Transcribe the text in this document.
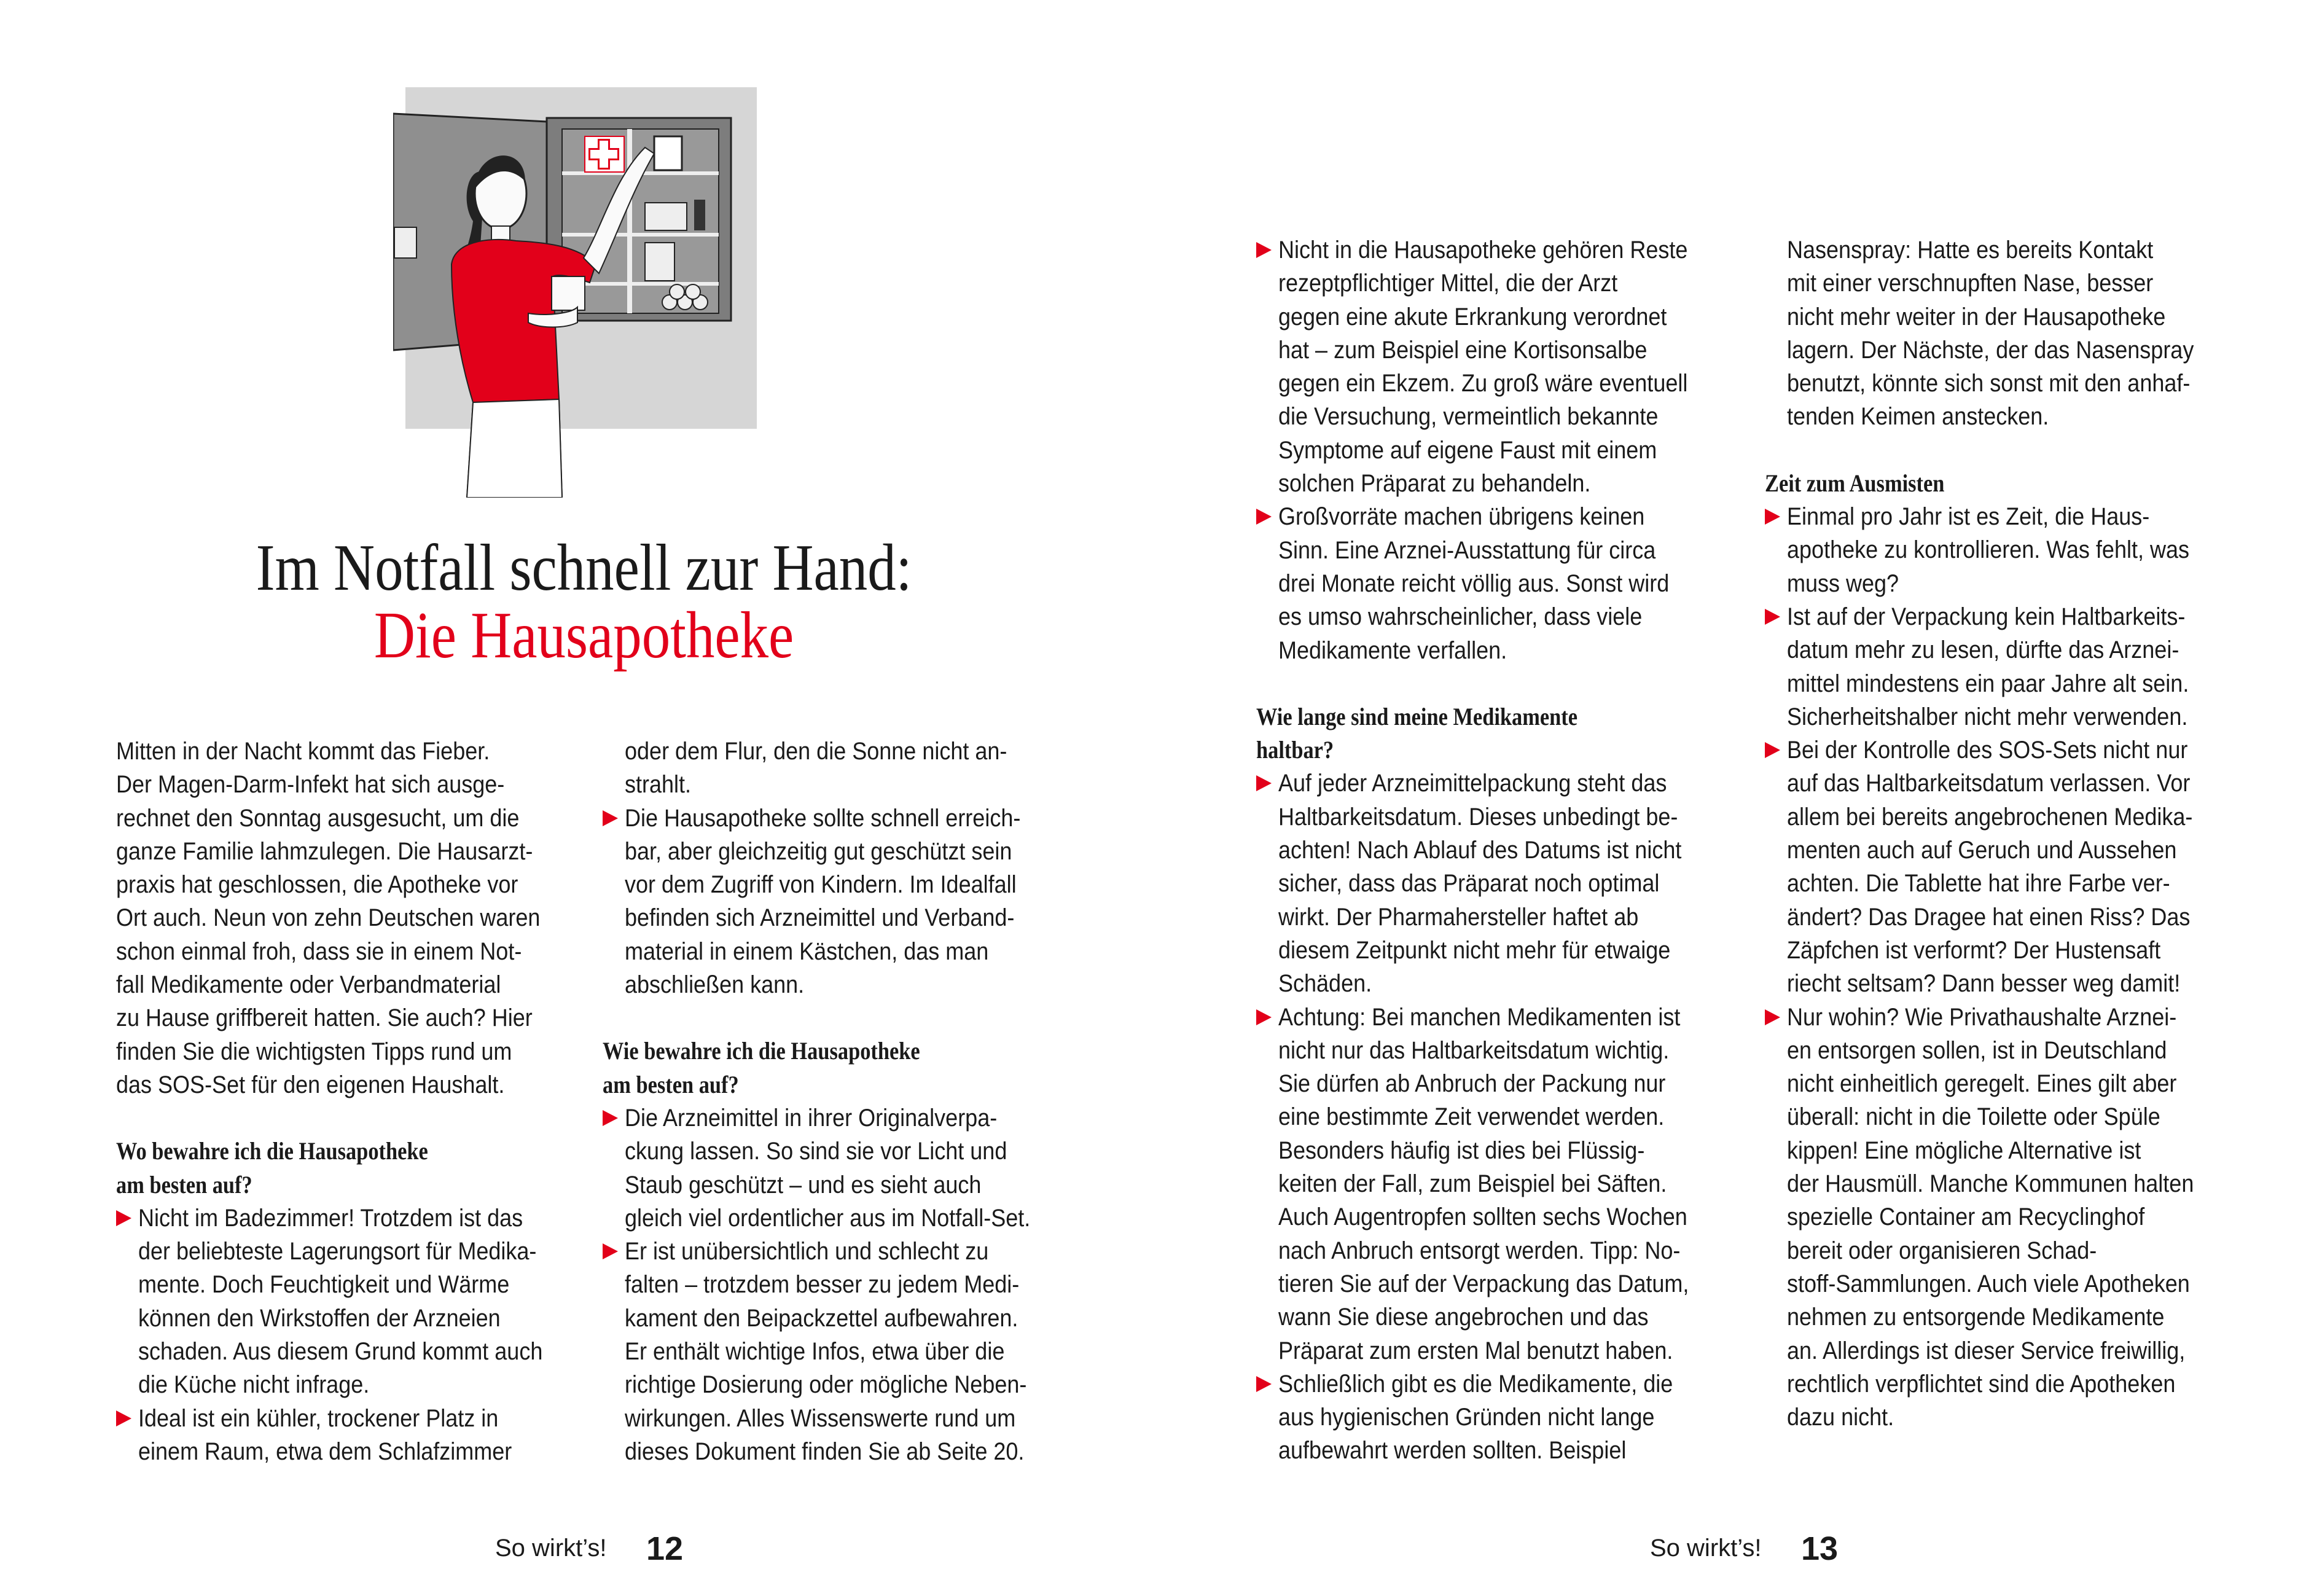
Im Notfall schnell zur Hand:
Die Hausapotheke
Mitten in der Nacht kommt das Fieber.
Der Magen-Darm-Infekt hat sich ausge-
rechnet den Sonntag ausgesucht, um die
ganze Familie lahmzulegen. Die Hausarzt-
praxis hat geschlossen, die Apotheke vor
Ort auch. Neun von zehn Deutschen waren
schon einmal froh, dass sie in einem Not-
fall Medikamente oder Verbandmaterial
zu Hause griffbereit hatten. Sie auch? Hier
finden Sie die wichtigsten Tipps rund um
das SOS-Set für den eigenen Haushalt.
Wo bewahre ich die Hausapotheke
am besten auf?
Nicht im Badezimmer! Trotzdem ist das
der beliebteste Lagerungsort für Medika-
mente. Doch Feuchtigkeit und Wärme
können den Wirkstoffen der Arzneien
schaden. Aus diesem Grund kommt auch
die Küche nicht infrage.
Ideal ist ein kühler, trockener Platz in
einem Raum, etwa dem Schlafzimmer
oder dem Flur, den die Sonne nicht an-
strahlt.
Die Hausapotheke sollte schnell erreich-
bar, aber gleichzeitig gut geschützt sein
vor dem Zugriff von Kindern. Im Idealfall
befinden sich Arzneimittel und Verband-
material in einem Kästchen, das man
abschließen kann.
Wie bewahre ich die Hausapotheke
am besten auf?
Die Arzneimittel in ihrer Originalverpa-
ckung lassen. So sind sie vor Licht und
Staub geschützt – und es sieht auch
gleich viel ordentlicher aus im Notfall-Set.
Er ist unübersichtlich und schlecht zu
falten – trotzdem besser zu jedem Medi-
kament den Beipackzettel aufbewahren.
Er enthält wichtige Infos, etwa über die
richtige Dosierung oder mögliche Neben-
wirkungen. Alles Wissenswerte rund um
dieses Dokument finden Sie ab Seite 20.
Nicht in die Hausapotheke gehören Reste
rezeptpflichtiger Mittel, die der Arzt
gegen eine akute Erkrankung verordnet
hat – zum Beispiel eine Kortisonsalbe
gegen ein Ekzem. Zu groß wäre eventuell
die Versuchung, vermeintlich bekannte
Symptome auf eigene Faust mit einem
solchen Präparat zu behandeln.
Großvorräte machen übrigens keinen
Sinn. Eine Arznei-Ausstattung für circa
drei Monate reicht völlig aus. Sonst wird
es umso wahrscheinlicher, dass viele
Medikamente verfallen.
Wie lange sind meine Medikamente
haltbar?
Auf jeder Arzneimittelpackung steht das
Haltbarkeitsdatum. Dieses unbedingt be-
achten! Nach Ablauf des Datums ist nicht
sicher, dass das Präparat noch optimal
wirkt. Der Pharmahersteller haftet ab
diesem Zeitpunkt nicht mehr für etwaige
Schäden.
Achtung: Bei manchen Medikamenten ist
nicht nur das Haltbarkeitsdatum wichtig.
Sie dürfen ab Anbruch der Packung nur
eine bestimmte Zeit verwendet werden.
Besonders häufig ist dies bei Flüssig-
keiten der Fall, zum Beispiel bei Säften.
Auch Augentropfen sollten sechs Wochen
nach Anbruch entsorgt werden. Tipp: No-
tieren Sie auf der Verpackung das Datum,
wann Sie diese angebrochen und das
Präparat zum ersten Mal benutzt haben.
Schließlich gibt es die Medikamente, die
aus hygienischen Gründen nicht lange
aufbewahrt werden sollten. Beispiel
Nasenspray: Hatte es bereits Kontakt
mit einer verschnupften Nase, besser
nicht mehr weiter in der Hausapotheke
lagern. Der Nächste, der das Nasenspray
benutzt, könnte sich sonst mit den anhaf-
tenden Keimen anstecken.
Zeit zum Ausmisten
Einmal pro Jahr ist es Zeit, die Haus-
apotheke zu kontrollieren. Was fehlt, was
muss weg?
Ist auf der Verpackung kein Haltbarkeits-
datum mehr zu lesen, dürfte das Arznei-
mittel mindestens ein paar Jahre alt sein.
Sicherheitshalber nicht mehr verwenden.
Bei der Kontrolle des SOS-Sets nicht nur
auf das Haltbarkeitsdatum verlassen. Vor
allem bei bereits angebrochenen Medika-
menten auch auf Geruch und Aussehen
achten. Die Tablette hat ihre Farbe ver-
ändert? Das Dragee hat einen Riss? Das
Zäpfchen ist verformt? Der Hustensaft
riecht seltsam? Dann besser weg damit!
Nur wohin? Wie Privathaushalte Arznei-
en entsorgen sollen, ist in Deutschland
nicht einheitlich geregelt. Eines gilt aber
überall: nicht in die Toilette oder Spüle
kippen! Eine mögliche Alternative ist
der Hausmüll. Manche Kommunen halten
spezielle Container am Recyclinghof
bereit oder organisieren Schad-
stoff-Sammlungen. Auch viele Apotheken
nehmen zu entsorgende Medikamente
an. Allerdings ist dieser Service freiwillig,
rechtlich verpflichtet sind die Apotheken
dazu nicht.
So wirkt’s! 12	So wirkt’s! 13
